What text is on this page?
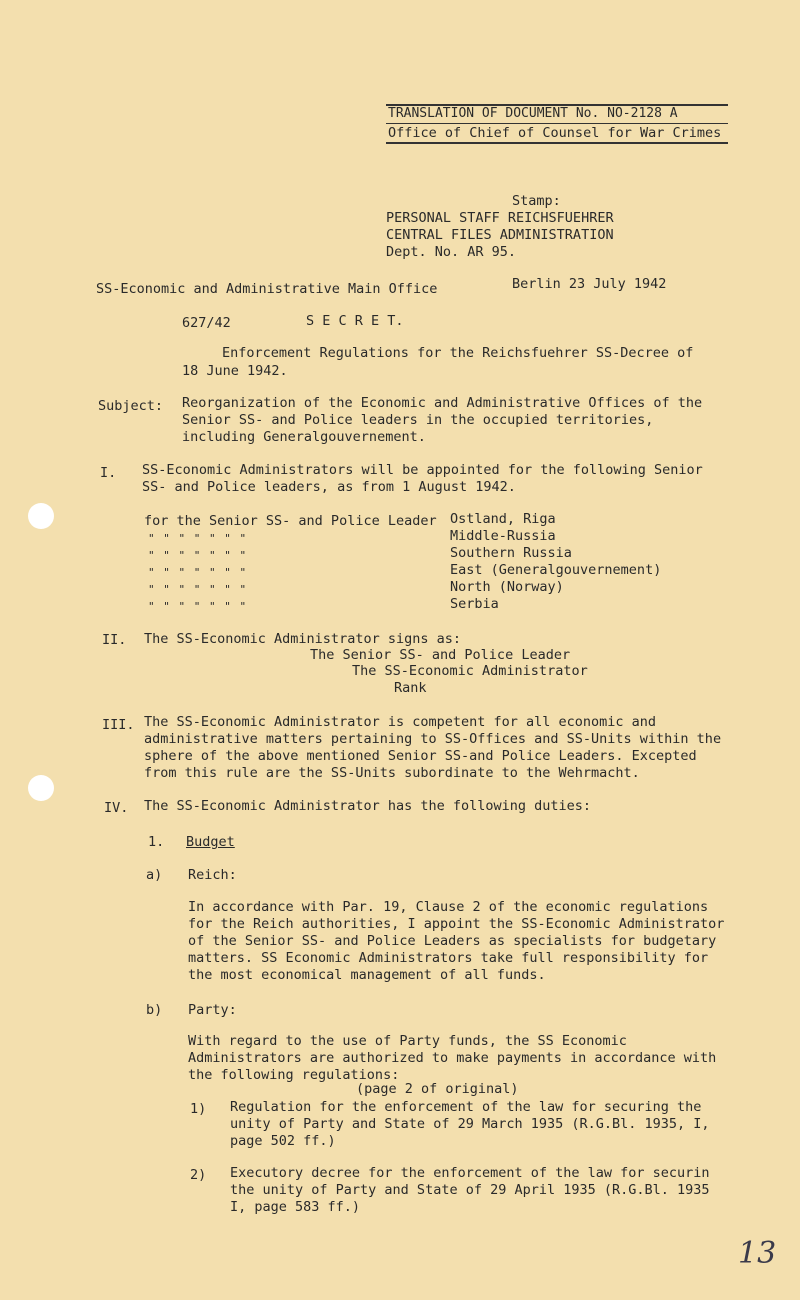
TRANSLATION OF DOCUMENT No. NO-2128 A
Office of Chief of Counsel for War Crimes
Stamp:
PERSONAL STAFF REICHSFUEHRER
CENTRAL FILES ADMINISTRATION
Dept. No. AR 95.
SS-Economic and Administrative Main Office	Berlin 23 July 1942
627/42	S E C R E T.
Enforcement Regulations for the Reichsfuehrer SS-Decree of
18 June 1942.
Subject: Reorganization of the Economic and Administrative Offices of the
Senior SS- and Police leaders in the occupied territories,
including Generalgouvernement.
I. SS-Economic Administrators will be appointed for the following Senior
SS- and Police leaders, as from 1 August 1942.
for the Senior SS- and Police Leader Ostland, Riga
" " " " " " "	Middle-Russia
" " " " " " "	Southern Russia
" " " " " " "	East (Generalgouvernement)
" " " " " " "	North (Norway)
" " " " " " "	Serbia
II. The SS-Economic Administrator signs as:
The Senior SS- and Police Leader
The SS-Economic Administrator
Rank
III. The SS-Economic Administrator is competent for all economic and
administrative matters pertaining to SS-Offices and SS-Units within the
sphere of the above mentioned Senior SS-and Police Leaders. Excepted
from this rule are the SS-Units subordinate to the Wehrmacht.
IV. The SS-Economic Administrator has the following duties:
1. Budget
a) Reich:
In accordance with Par. 19, Clause 2 of the economic regulations
for the Reich authorities, I appoint the SS-Economic Administrator
of the Senior SS- and Police Leaders as specialists for budgetary
matters. SS Economic Administrators take full responsibility for
the most economical management of all funds.
b) Party:
With regard to the use of Party funds, the SS Economic
Administrators are authorized to make payments in accordance with
the following regulations:
(page 2 of original)
1) Regulation for the enforcement of the law for securing the
unity of Party and State of 29 March 1935 (R.G.Bl. 1935, I,
page 502 ff.)
2) Executory decree for the enforcement of the law for securin
the unity of Party and State of 29 April 1935 (R.G.Bl. 1935
I, page 583 ff.)
13
